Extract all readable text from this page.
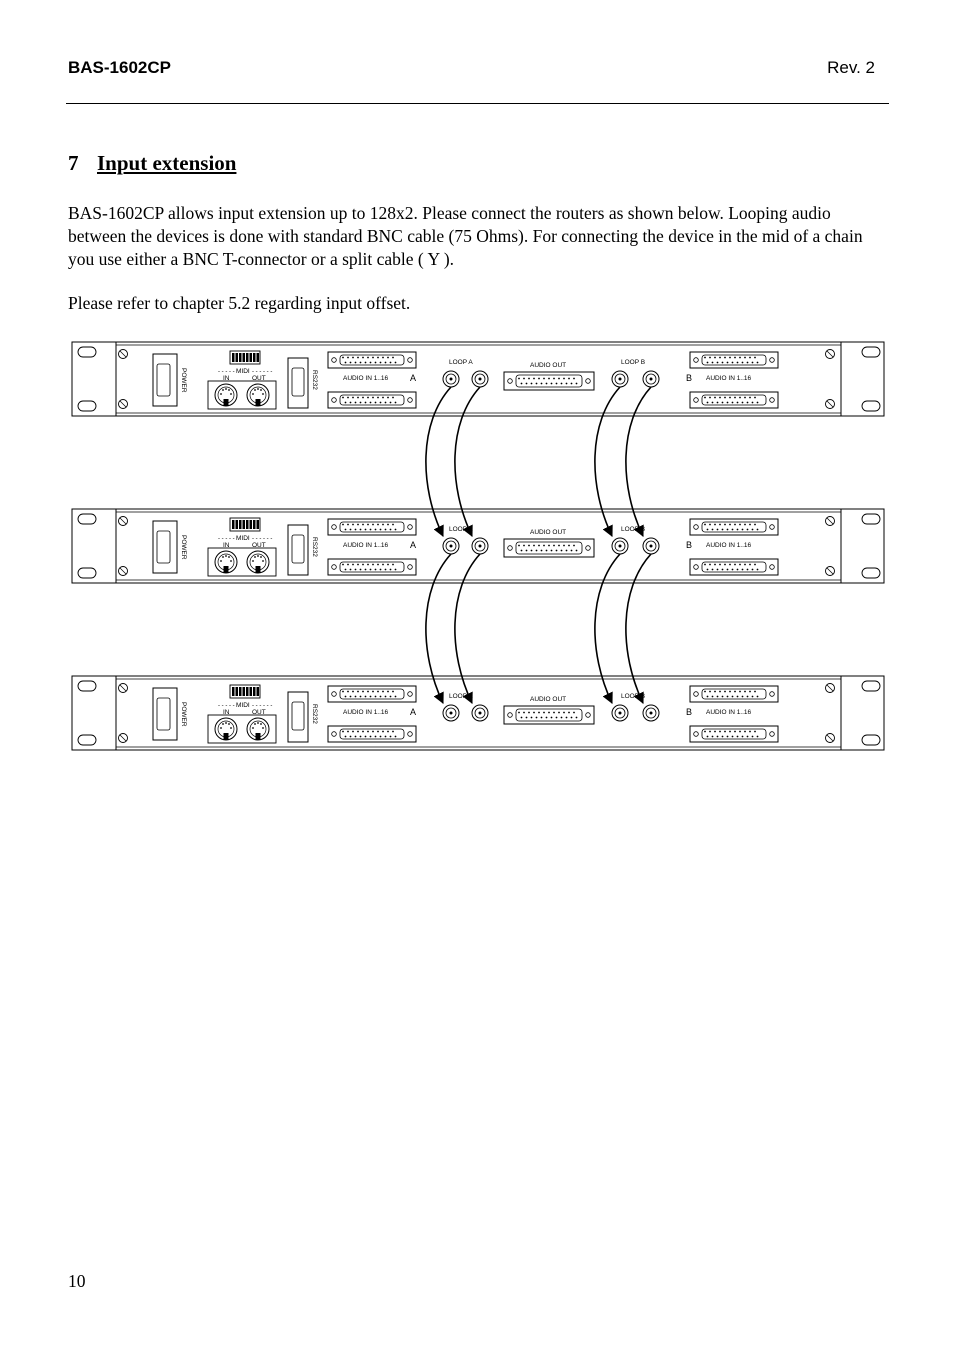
BAS-1602CP	Rev. 2
7 Input extension

BAS-1602CP allows input extension up to 128x2. Please connect the routers as shown below. Looping audio between the devices is done with standard BNC cable (75 Ohms). For connecting the device in the mid of a chain you use either a BNC T-connector or a split cable ( Y ).

Please refer to chapter 5.2 regarding input offset.

POWER	- - - - - MIDI - - - - - -
IN	OUT	RS232	AUDIO IN 1..16 A
LOOP A	AUDIO OUT	LOOP B
B AUDIO IN 1..16
POWER	- - - - - MIDI - - - - - -
IN	OUT	RS232	AUDIO IN 1..16 A
LOOP A	AUDIO OUT	LOOP B
B AUDIO IN 1..16
POWER	- - - - - MIDI - - - - - -
IN	OUT	RS232	AUDIO IN 1..16 A
LOOP A	AUDIO OUT	LOOP B
B AUDIO IN 1..16
10
